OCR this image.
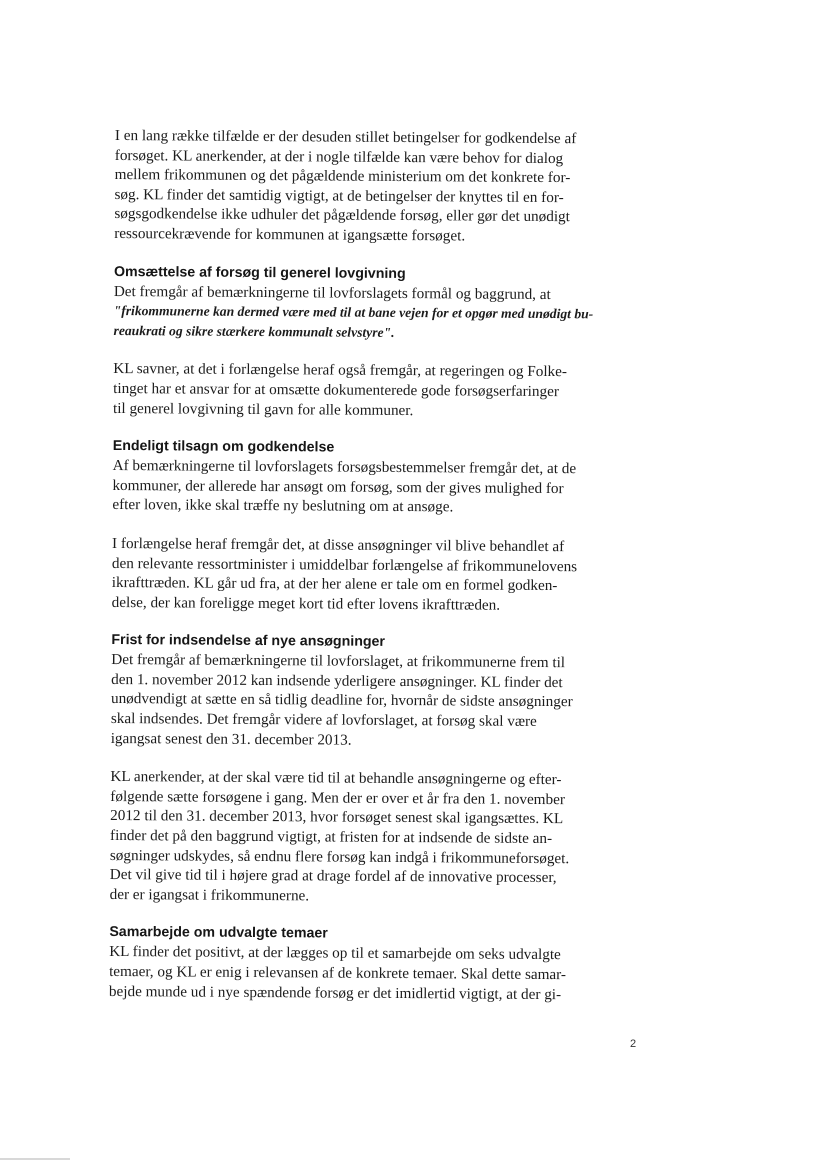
I en lang række tilfælde er der desuden stillet betingelser for godkendelse af
forsøget. KL anerkender, at der i nogle tilfælde kan være behov for dialog
mellem frikommunen og det pågældende ministerium om det konkrete for-
søg. KL finder det samtidig vigtigt, at de betingelser der knyttes til en for-
søgsgodkendelse ikke udhuler det pågældende forsøg, eller gør det unødigt
ressourcekrævende for kommunen at igangsætte forsøget.

Omsættelse af forsøg til generel lovgivning

Det fremgår af bemærkningerne til lovforslagets formål og baggrund, at
"frikommunerne kan dermed være med til at bane vejen for et opgør med unødigt bu-
reaukrati og sikre stærkere kommunalt selvstyre".

KL savner, at det i forlængelse heraf også fremgår, at regeringen og Folke-
tinget har et ansvar for at omsætte dokumenterede gode forsøgserfaringer
til generel lovgivning til gavn for alle kommuner.

Endeligt tilsagn om godkendelse

Af bemærkningerne til lovforslagets forsøgsbestemmelser fremgår det, at de
kommuner, der allerede har ansøgt om forsøg, som der gives mulighed for
efter loven, ikke skal træffe ny beslutning om at ansøge.

I forlængelse heraf fremgår det, at disse ansøgninger vil blive behandlet af
den relevante ressortminister i umiddelbar forlængelse af frikommunelovens
ikrafttræden. KL går ud fra, at der her alene er tale om en formel godken-
delse, der kan foreligge meget kort tid efter lovens ikrafttræden.

Frist for indsendelse af nye ansøgninger

Det fremgår af bemærkningerne til lovforslaget, at frikommunerne frem til
den 1. november 2012 kan indsende yderligere ansøgninger. KL finder det
unødvendigt at sætte en så tidlig deadline for, hvornår de sidste ansøgninger
skal indsendes. Det fremgår videre af lovforslaget, at forsøg skal være
igangsat senest den 31. december 2013.

KL anerkender, at der skal være tid til at behandle ansøgningerne og efter-
følgende sætte forsøgene i gang. Men der er over et år fra den 1. november
2012 til den 31. december 2013, hvor forsøget senest skal igangsættes. KL
finder det på den baggrund vigtigt, at fristen for at indsende de sidste an-
søgninger udskydes, så endnu flere forsøg kan indgå i frikommuneforsøget.
Det vil give tid til i højere grad at drage fordel af de innovative processer,
der er igangsat i frikommunerne.

Samarbejde om udvalgte temaer

KL finder det positivt, at der lægges op til et samarbejde om seks udvalgte
temaer, og KL er enig i relevansen af de konkrete temaer. Skal dette samar-
bejde munde ud i nye spændende forsøg er det imidlertid vigtigt, at der gi-

2
